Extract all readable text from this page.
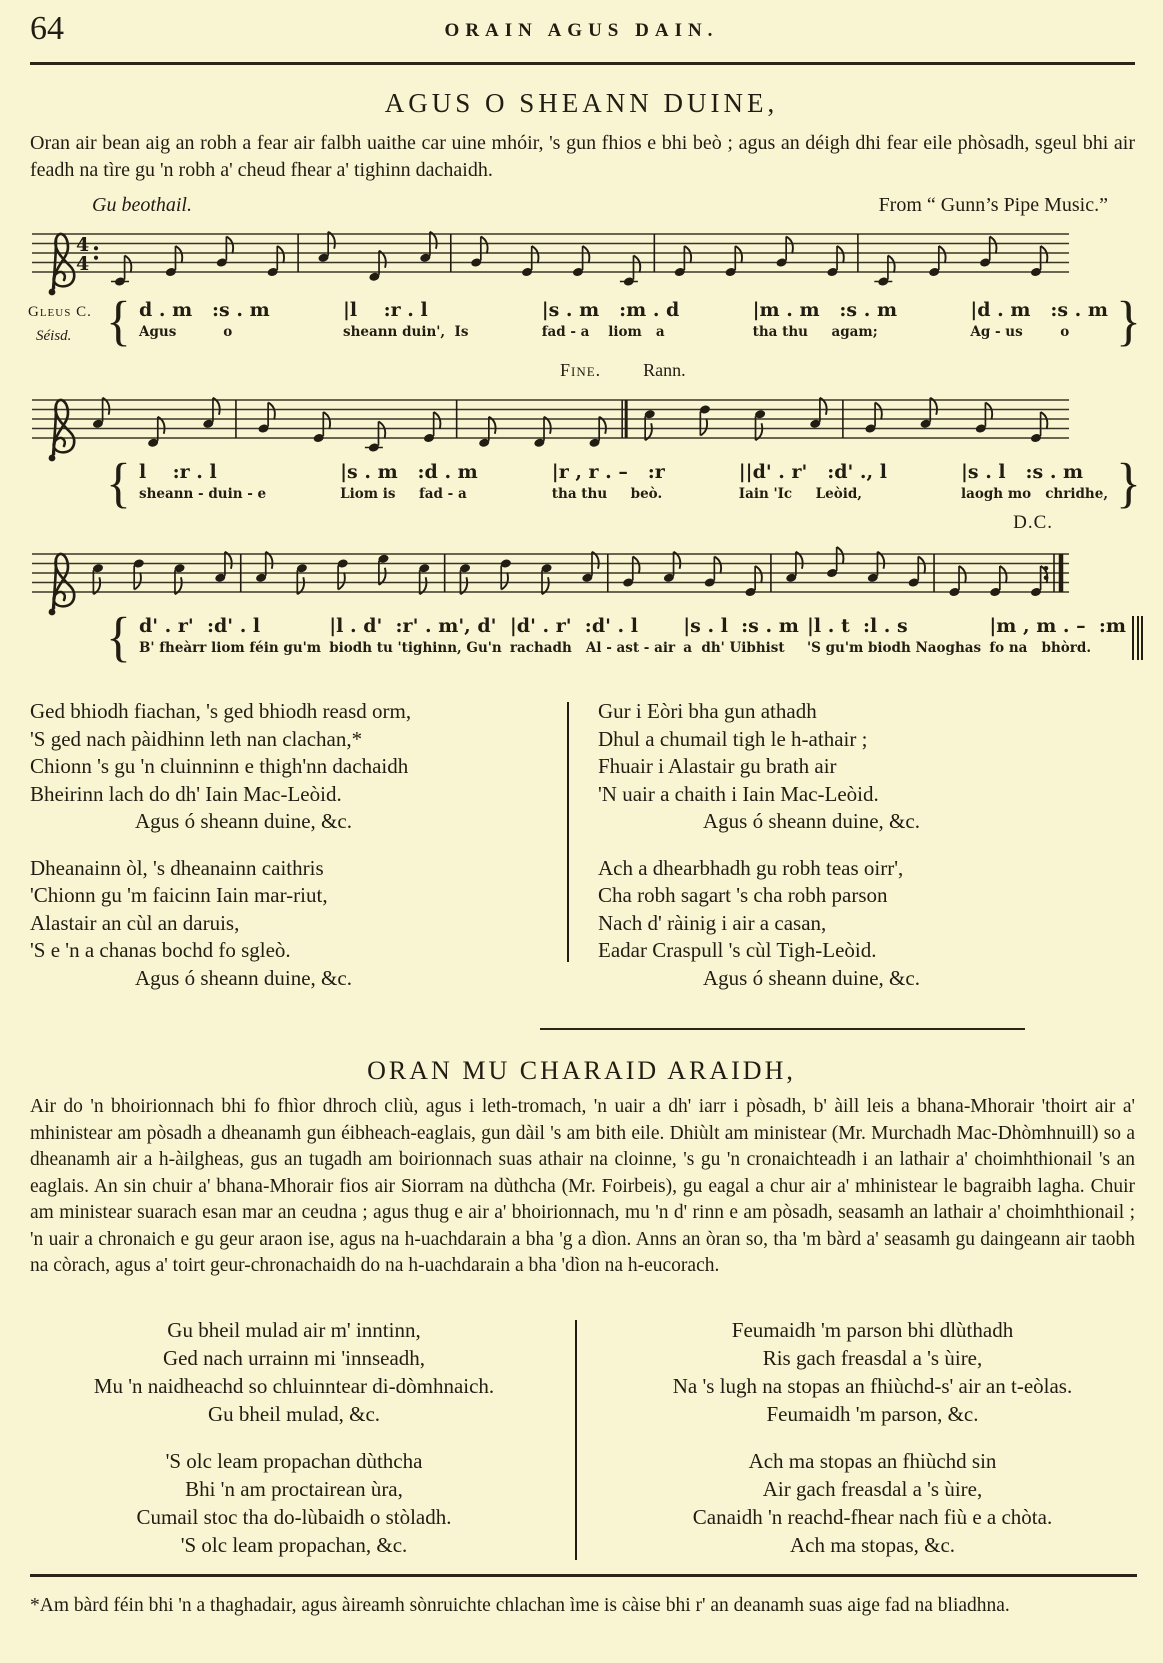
64	ORAIN AGUS DAIN.
AGUS O SHEANN DUINE,
Oran air bean aig an robh a fear air falbh uaithe car uine mhóir, 's gun fhios e bhi beò ; agus an déigh dhi fear eile phòsadh, sgeul bhi air feadh na tìre gu 'n robh a' cheud fhear a' tighinn dachaidh.
Gu beothail.	From “ Gunn’s Pipe Music.”
4
4
Gleus C.
Séisd. { d . m   :s . m
Agus          o
|l    :r . l
sheann duin',  Is
|s . m   :m . d
fad - a    liom   a
|m . m   :s . m
tha thu     agam;
|d . m   :s . m
Ag - us        o }
Fine. Rann.
{ l    :r . l
sheann - duin - e
|s . m   :d . m
Liom is     fad - a
|r , r . –   :r
tha thu     beò.
||d' . r'   :d' ., l
Iain 'Ic     Leòid,
|s . l   :s . m
laogh mo   chridhe, }
D.C.
{ d' . r'  :d' . l
B' fheàrr liom féin gu'm
|l . d'  :r' . m', d'
biodh tu 'tighinn, Gu'n
|d' . r'  :d' . l
rachadh   Al - ast - air
|s . l  :s . m
a  dh' Uibhist
|l . t  :l . s
'S gu'm biodh Naoghas
|m , m . –  :m
fo na   bhòrd.
Ged bhiodh fiachan, 's ged bhiodh reasd orm,
'S ged nach pàidhinn leth nan clachan,*
Chionn 's gu 'n cluinninn e thigh'nn dachaidh
Bheirinn lach do dh' Iain Mac-Leòid.
Agus ó sheann duine, &c.
Dheanainn òl, 's dheanainn caithris
'Chionn gu 'm faicinn Iain mar-riut,
Alastair an cùl an daruis,
'S e 'n a chanas bochd fo sgleò.
Agus ó sheann duine, &c.
Gur i Eòri bha gun athadh
Dhul a chumail tigh le h-athair ;
Fhuair i Alastair gu brath air
'N uair a chaith i Iain Mac-Leòid.
Agus ó sheann duine, &c.
Ach a dhearbhadh gu robh teas oirr',
Cha robh sagart 's cha robh parson
Nach d' ràinig i air a casan,
Eadar Craspull 's cùl Tigh-Leòid.
Agus ó sheann duine, &c.
ORAN MU CHARAID ARAIDH,
Air do 'n bhoirionnach bhi fo fhìor dhroch cliù, agus i leth-tromach, 'n uair a dh' iarr i pòsadh, b' àill leis a bhana-Mhorair 'thoirt air a' mhinistear am pòsadh a dheanamh gun éibheach-eaglais, gun dàil 's am bith eile. Dhiùlt am ministear (Mr. Murchadh Mac-Dhòmhnuill) so a dheanamh air a h-àilgheas, gus an tugadh am boirionnach suas athair na cloinne, 's gu 'n cronaichteadh i an lathair a' choimhthionail 's an eaglais. An sin chuir a' bhana-Mhorair fios air Siorram na dùthcha (Mr. Foirbeis), gu eagal a chur air a' mhinistear le bagraibh lagha. Chuir am ministear suarach esan mar an ceudna ; agus thug e air a' bhoirionnach, mu 'n d' rinn e am pòsadh, seasamh an lathair a' choimhthionail ; 'n uair a chronaich e gu geur araon ise, agus na h-uachdarain a bha 'g a dìon. Anns an òran so, tha 'm bàrd a' seasamh gu daingeann air taobh na còrach, agus a' toirt geur-chronachaidh do na h-uachdarain a bha 'dìon na h-eucorach.
Gu bheil mulad air m' inntinn,
Ged nach urrainn mi 'innseadh,
Mu 'n naidheachd so chluinntear di-dòmhnaich.
Gu bheil mulad, &c.
'S olc leam propachan dùthcha
Bhi 'n am proctairean ùra,
Cumail stoc tha do-lùbaidh o stòladh.
'S olc leam propachan, &c.
Feumaidh 'm parson bhi dlùthadh
Ris gach freasdal a 's ùire,
Na 's lugh na stopas an fhiùchd-s' air an t-eòlas.
Feumaidh 'm parson, &c.
Ach ma stopas an fhiùchd sin
Air gach freasdal a 's ùire,
Canaidh 'n reachd-fhear nach fiù e a chòta.
Ach ma stopas, &c.
*Am bàrd féin bhi 'n a thaghadair, agus àireamh sònruichte chlachan ìme is càise bhi r' an deanamh suas aige fad na bliadhna.
